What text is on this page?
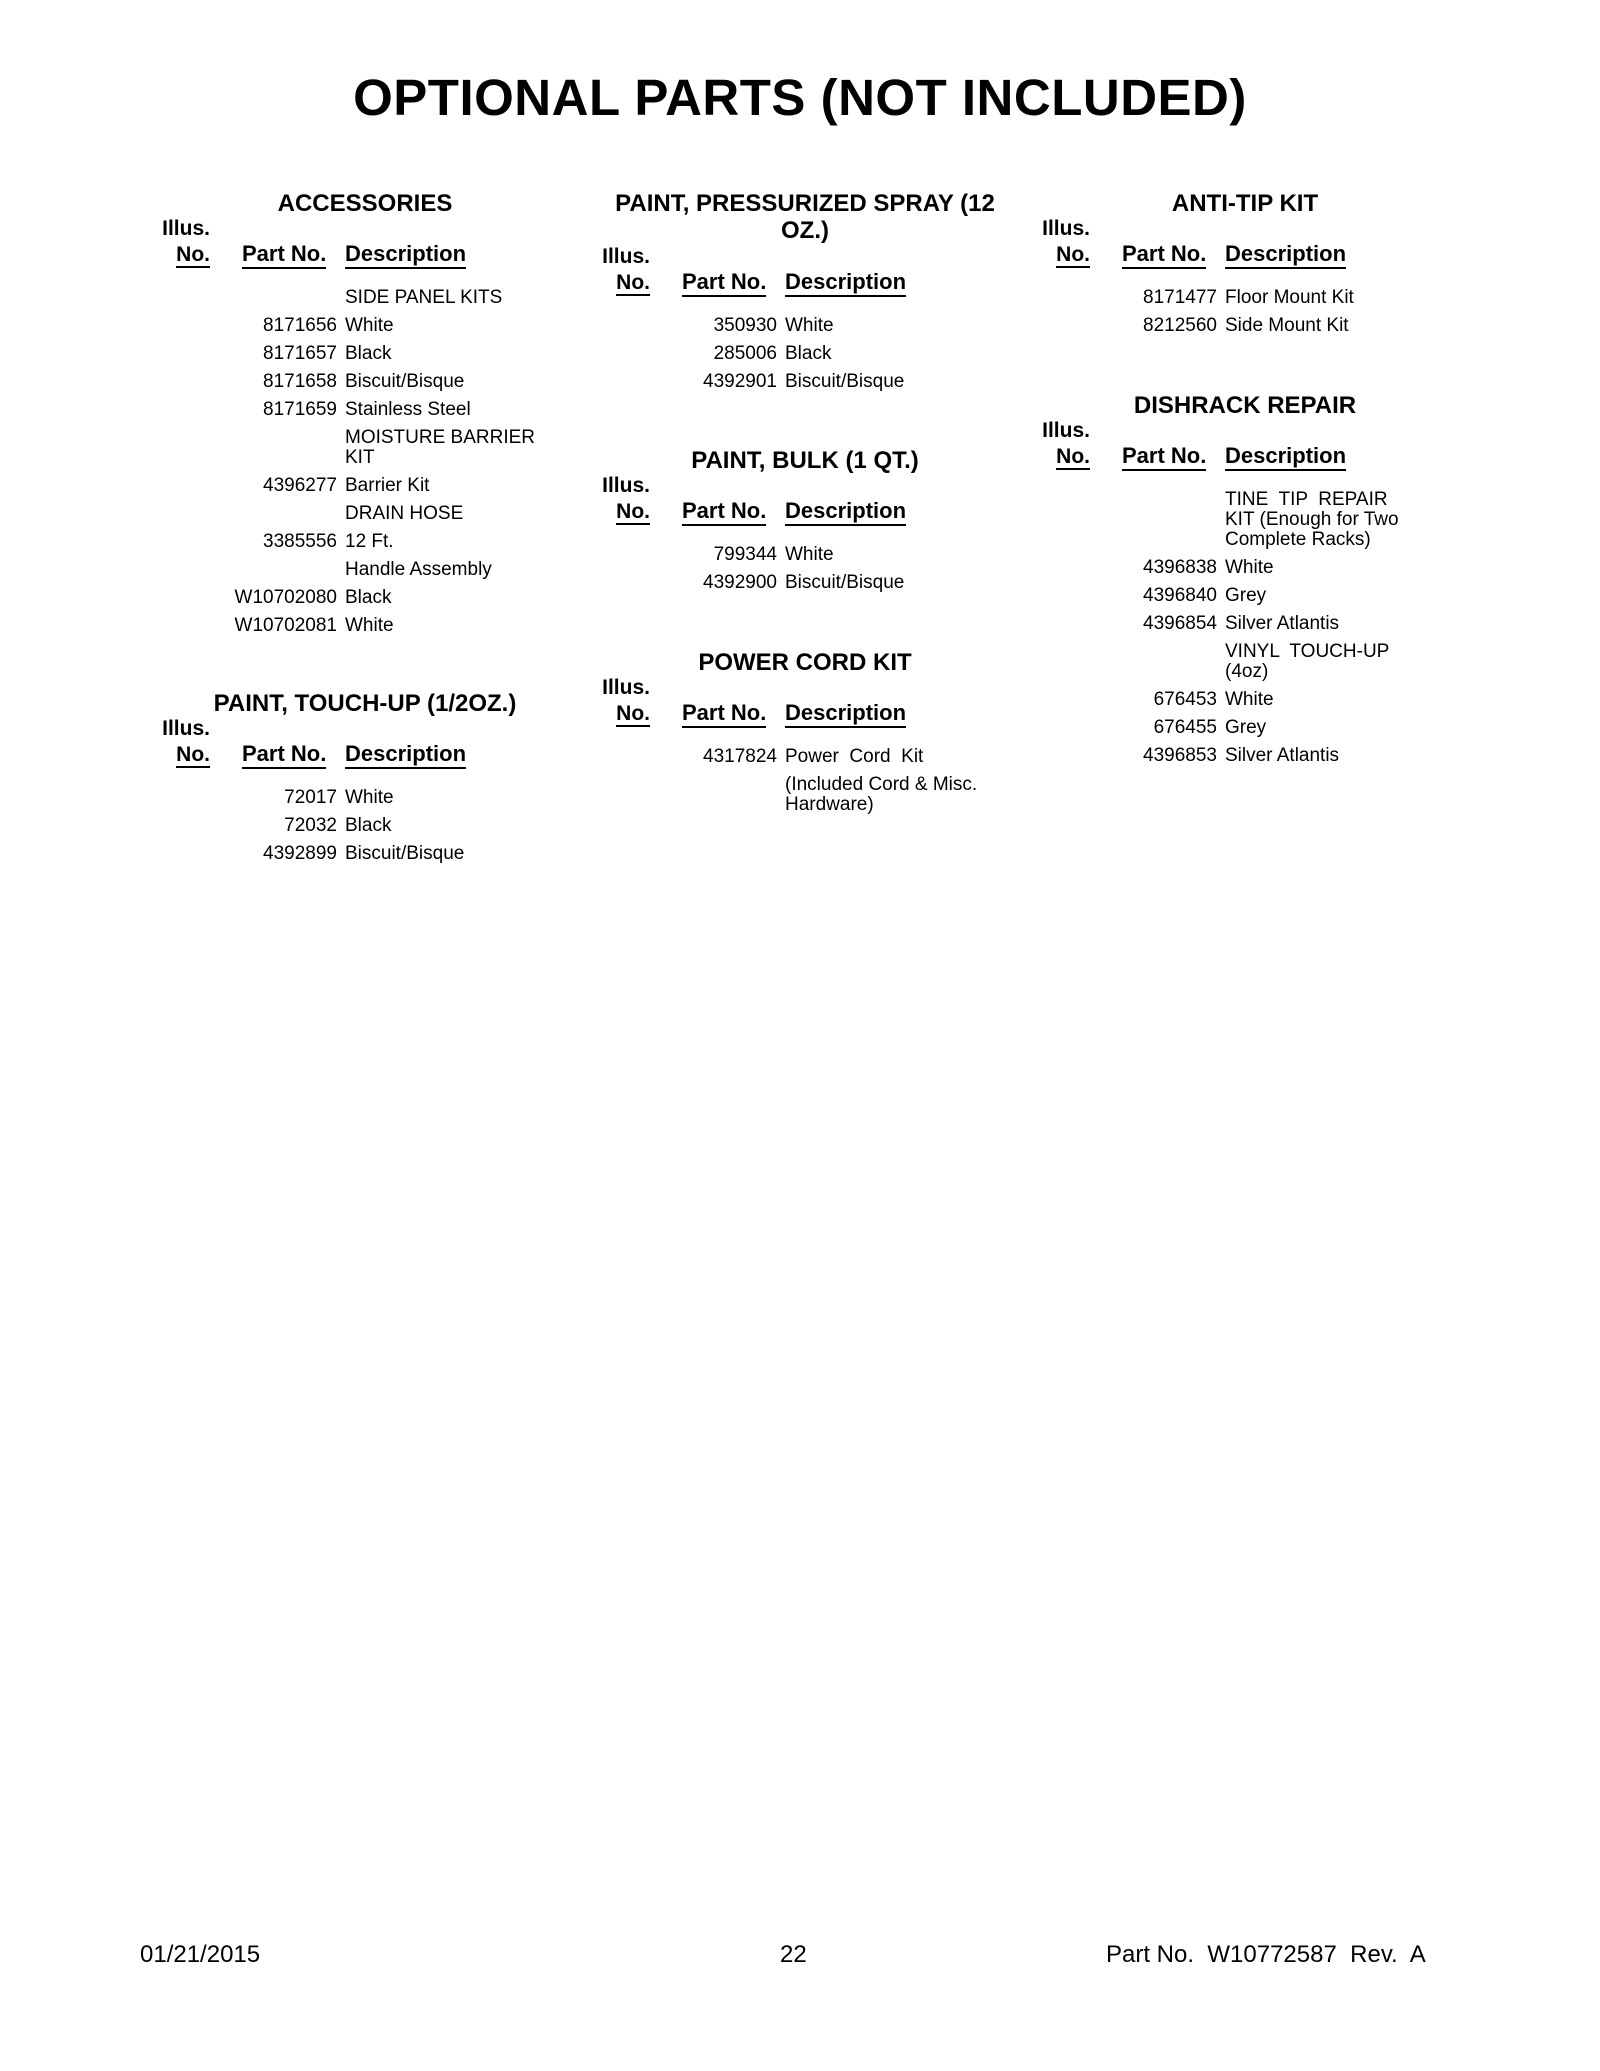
OPTIONAL PARTS (NOT INCLUDED)
ACCESSORIES
Illus.
No. Part No. Description
SIDE PANEL KITS
8171656 White
8171657 Black
8171658 Biscuit/Bisque
8171659 Stainless Steel
MOISTURE BARRIER
KIT
4396277 Barrier Kit
DRAIN HOSE
3385556 12 Ft.
Handle Assembly
W10702080 Black
W10702081 White
PAINT, TOUCH-UP (1/2OZ.)
Illus.
No. Part No. Description
72017 White
72032 Black
4392899 Biscuit/Bisque
PAINT, PRESSURIZED SPRAY (12
OZ.)
Illus.
No. Part No. Description
350930 White
285006 Black
4392901 Biscuit/Bisque
PAINT, BULK (1 QT.)
Illus.
No. Part No. Description
799344 White
4392900 Biscuit/Bisque
POWER CORD KIT
Illus.
No. Part No. Description
4317824 Power  Cord  Kit
(Included Cord & Misc.
Hardware)
ANTI-TIP KIT
Illus.
No. Part No. Description
8171477 Floor Mount Kit
8212560 Side Mount Kit
DISHRACK REPAIR
Illus.
No. Part No. Description
TINE  TIP  REPAIR
KIT (Enough for Two
Complete Racks)
4396838 White
4396840 Grey
4396854 Silver Atlantis
VINYL  TOUCH-UP
(4oz)
676453 White
676455 Grey
4396853 Silver Atlantis
01/21/2015	22	Part No.  W10772587  Rev.  A
